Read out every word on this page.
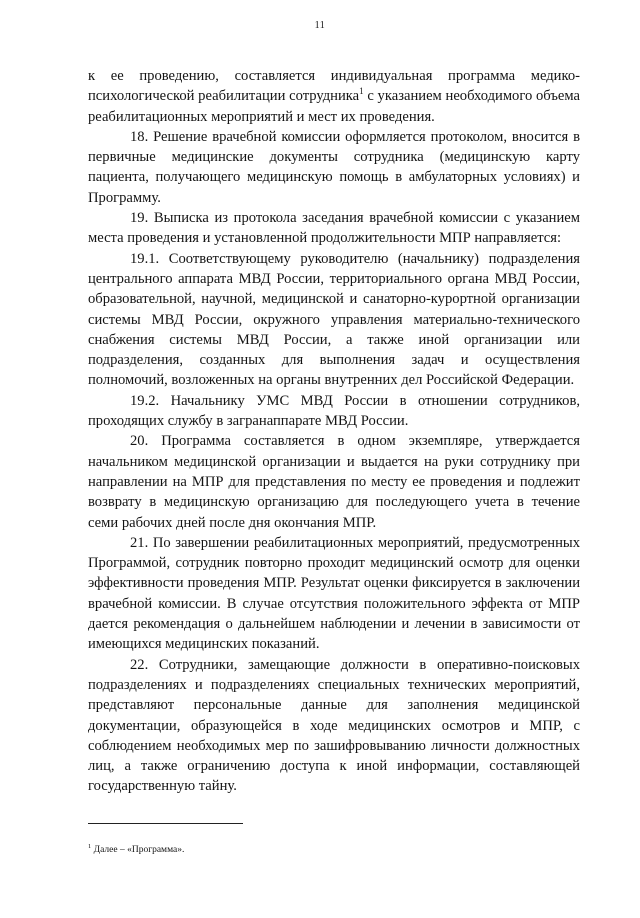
11

к ее проведению, составляется индивидуальная программа медико-психологической реабилитации сотрудника$^1$ с указанием необходимого объема реабилитационных мероприятий и мест их проведения.

18. Решение врачебной комиссии оформляется протоколом, вносится в первичные медицинские документы сотрудника (медицинскую карту пациента, получающего медицинскую помощь в амбулаторных условиях) и Программу.

19. Выписка из протокола заседания врачебной комиссии с указанием места проведения и установленной продолжительности МПР направляется:

19.1. Соответствующему руководителю (начальнику) подразделения центрального аппарата МВД России, территориального органа МВД России, образовательной, научной, медицинской и санаторно-курортной организации системы МВД России, окружного управления материально-технического снабжения системы МВД России, а также иной организации или подразделения, созданных для выполнения задач и осуществления полномочий, возложенных на органы внутренних дел Российской Федерации.

19.2. Начальнику УМС МВД России в отношении сотрудников, проходящих службу в загранаппарате МВД России.

20. Программа составляется в одном экземпляре, утверждается начальником медицинской организации и выдается на руки сотруднику при направлении на МПР для представления по месту ее проведения и подлежит возврату в медицинскую организацию для последующего учета в течение семи рабочих дней после дня окончания МПР.

21. По завершении реабилитационных мероприятий, предусмотренных Программой, сотрудник повторно проходит медицинский осмотр для оценки эффективности проведения МПР. Результат оценки фиксируется в заключении врачебной комиссии. В случае отсутствия положительного эффекта от МПР дается рекомендация о дальнейшем наблюдении и лечении в зависимости от имеющихся медицинских показаний.

22. Сотрудники, замещающие должности в оперативно-поисковых подразделениях и подразделениях специальных технических мероприятий, представляют персональные данные для заполнения медицинской документации, образующейся в ходе медицинских осмотров и МПР, с соблюдением необходимых мер по зашифровыванию личности должностных лиц, а также ограничению доступа к иной информации, составляющей государственную тайну.

$^1$ Далее – «Программа».
